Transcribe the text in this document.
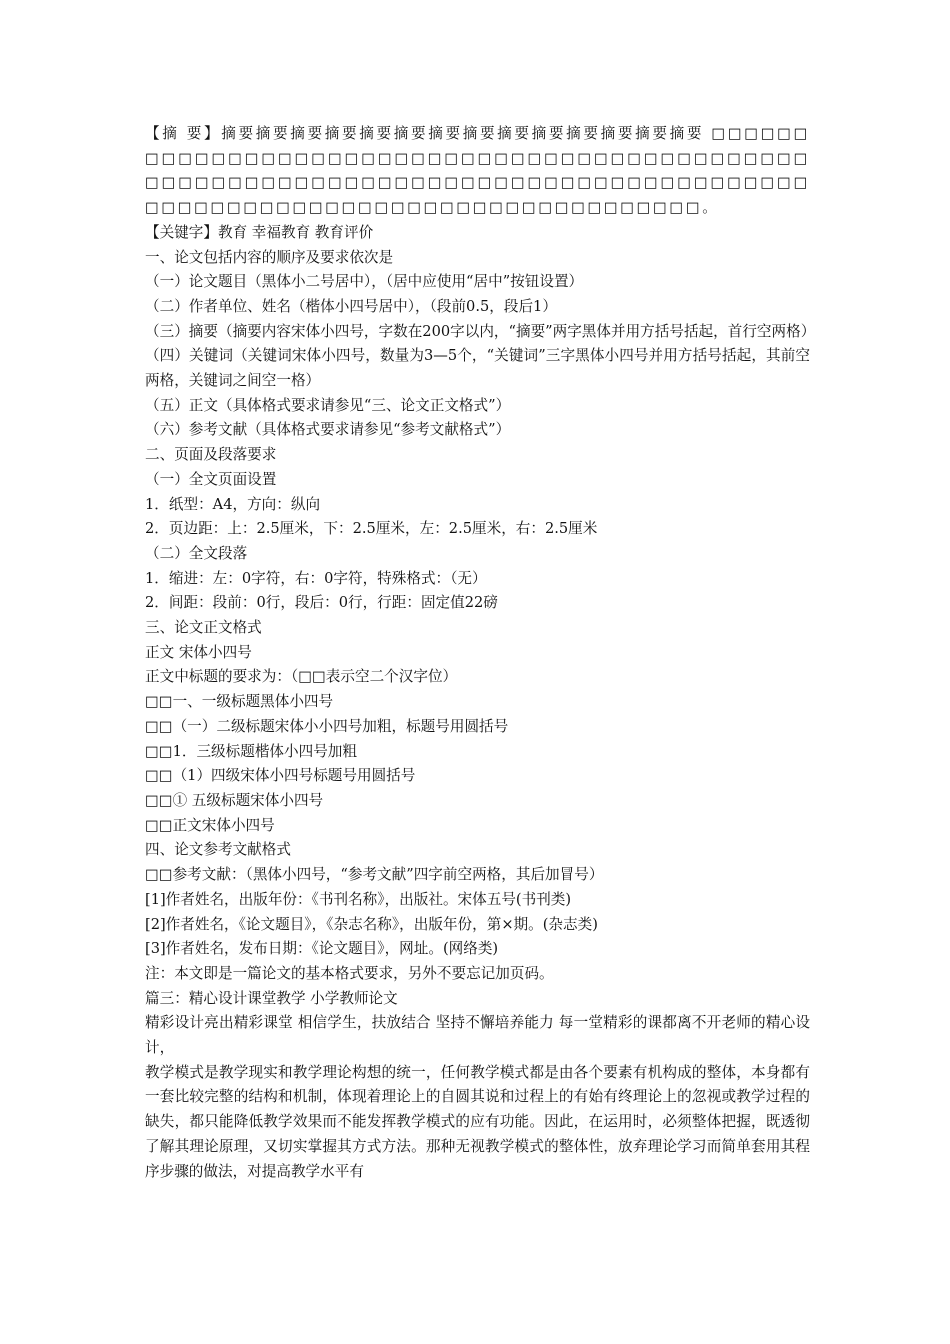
【摘 要】摘要摘要摘要摘要摘要摘要摘要摘要摘要摘要摘要摘要摘要摘要 □□□□□□□□□□□□□□□□□□□□□□□□□□□□□□□□□□□□□□□□□□□□□□□□□□□□□□□□□□□□□□□□□□□□□□□□□□□□□□□□□□□□□□□□□□□□□□□□□□□□□□□□□□□□□□□□□□□□□□□□。

【关键字】教育 幸福教育 教育评价

一、论文包括内容的顺序及要求依次是

（一）论文题目（黑体小二号居中），（居中应使用“居中”按钮设置）

（二）作者单位、姓名（楷体小四号居中），（段前0.5，段后1）

（三）摘要（摘要内容宋体小四号，字数在200字以内，“摘要”两字黑体并用方括号括起，首行空两格）

（四）关键词（关键词宋体小四号，数量为3—5个，“关键词”三字黑体小四号并用方括号括起，其前空两格，关键词之间空一格）

（五）正文（具体格式要求请参见“三、论文正文格式”）

（六）参考文献（具体格式要求请参见“参考文献格式”）

二、页面及段落要求

（一）全文页面设置

1．纸型：A4，方向：纵向

2．页边距：上：2.5厘米，下：2.5厘米，左：2.5厘米，右：2.5厘米

（二）全文段落

1．缩进：左：0字符，右：0字符，特殊格式：（无）

2．间距：段前：0行，段后：0行，行距：固定值22磅

三、论文正文格式

正文 宋体小四号

正文中标题的要求为：（□□表示空二个汉字位）

□□一、一级标题黑体小四号

□□（一）二级标题宋体小小四号加粗，标题号用圆括号

□□1．三级标题楷体小四号加粗

□□（1）四级宋体小四号标题号用圆括号

□□① 五级标题宋体小四号

□□正文宋体小四号

四、论文参考文献格式

□□参考文献：（黑体小四号，“参考文献”四字前空两格，其后加冒号）

[1]作者姓名，出版年份：《书刊名称》，出版社。宋体五号(书刊类)

[2]作者姓名，《论文题目》，《杂志名称》，出版年份，第×期。(杂志类)

[3]作者姓名，发布日期：《论文题目》，网址。(网络类)

注：本文即是一篇论文的基本格式要求，另外不要忘记加页码。

篇三：精心设计课堂教学 小学教师论文

精彩设计亮出精彩课堂 相信学生，扶放结合 坚持不懈培养能力 每一堂精彩的课都离不开老师的精心设计，

教学模式是教学现实和教学理论构想的统一，任何教学模式都是由各个要素有机构成的整体，本身都有一套比较完整的结构和机制，体现着理论上的自圆其说和过程上的有始有终理论上的忽视或教学过程的缺失，都只能降低教学效果而不能发挥教学模式的应有功能。因此，在运用时，必须整体把握，既透彻了解其理论原理，又切实掌握其方式方法。那种无视教学模式的整体性，放弃理论学习而简单套用其程序步骤的做法，对提高教学水平有
